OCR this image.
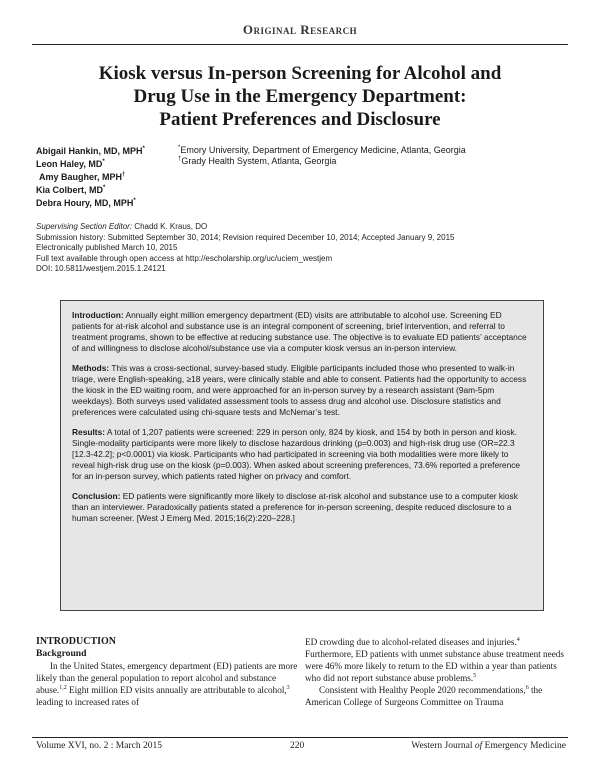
Original Research
Kiosk versus In-person Screening for Alcohol and
Drug Use in the Emergency Department:
Patient Preferences and Disclosure
Abigail Hankin, MD, MPH*
Leon Haley, MD*
Amy Baugher, MPH†
Kia Colbert, MD*
Debra Houry, MD, MPH*
*Emory University, Department of Emergency Medicine, Atlanta, Georgia
†Grady Health System, Atlanta, Georgia
Supervising Section Editor: Chadd K. Kraus, DO
Submission history: Submitted September 30, 2014; Revision required December 10, 2014; Accepted January 9, 2015
Electronically published March 10, 2015
Full text available through open access at http://escholarship.org/uc/uciem_westjem
DOI: 10.5811/westjem.2015.1.24121

Introduction: Annually eight million emergency department (ED) visits are attributable to alcohol use. Screening ED patients for at-risk alcohol and substance use is an integral component of screening, brief intervention, and referral to treatment programs, shown to be effective at reducing substance use. The objective is to evaluate ED patients’ acceptance of and willingness to disclose alcohol/substance use via a computer kiosk versus an in-person interview.

Methods: This was a cross-sectional, survey-based study. Eligible participants included those who presented to walk-in triage, were English-speaking, ≥18 years, were clinically stable and able to consent. Patients had the opportunity to access the kiosk in the ED waiting room, and were approached for an in-person survey by a research assistant (9am-5pm weekdays). Both surveys used validated assessment tools to assess drug and alcohol use. Disclosure statistics and preferences were calculated using chi-square tests and McNemar’s test.

Results: A total of 1,207 patients were screened: 229 in person only, 824 by kiosk, and 154 by both in person and kiosk. Single-modality participants were more likely to disclose hazardous drinking (p=0.003) and high-risk drug use (OR=22.3 [12.3-42.2]; p<0.0001) via kiosk. Participants who had participated in screening via both modalities were more likely to reveal high-risk drug use on the kiosk (p=0.003). When asked about screening preferences, 73.6% reported a preference for an in-person survey, which patients rated higher on privacy and comfort.

Conclusion: ED patients were significantly more likely to disclose at-risk alcohol and substance use to a computer kiosk than an interviewer. Paradoxically patients stated a preference for in-person screening, despite reduced disclosure to a human screener. [West J Emerg Med. 2015;16(2):220–228.]

INTRODUCTION

Background

In the United States, emergency department (ED) patients are more likely than the general population to report alcohol and substance abuse.$^{1,2}$ Eight million ED visits annually are attributable to alcohol,$^3$ leading to increased rates of

ED crowding due to alcohol-related diseases and injuries.$^4$ Furthermore, ED patients with unmet substance abuse treatment needs were 46% more likely to return to the ED within a year than patients who did not report substance abuse problems.$^5$

Consistent with Healthy People 2020 recommendations,$^6$ the American College of Surgeons Committee on Trauma

Volume XVI, no. 2 : March 2015	220	Western Journal of Emergency Medicine
